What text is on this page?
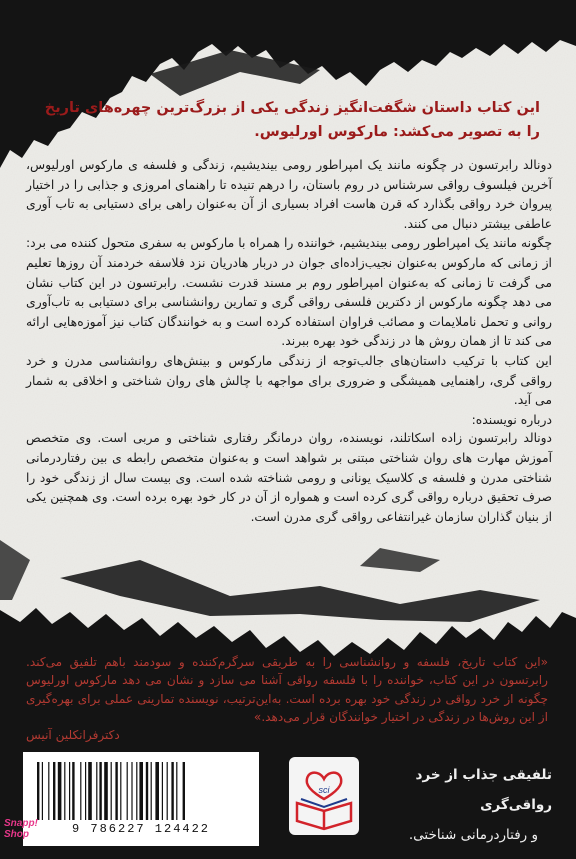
این کتاب داستان شگفت‌انگیز زندگی یکی از بزرگ‌ترین چهره‌های تاریخ را به تصویر می‌کشد: مارکوس اورلیوس.

دونالد رابرتسون در چگونه مانند یک امپراطور رومی بیندیشیم، زندگی و فلسفه ی مارکوس اورلیوس، آخرین فیلسوف رواقی سرشناس در روم باستان، را درهم تنیده تا راهنمای امروزی و جذابی را در اختیار پیروان خرد رواقی بگذارد که قرن هاست افراد بسیاری از آن به‌عنوان راهی برای دستیابی به تاب آوری عاطفی بیشتر دنبال می کنند.

چگونه مانند یک امپراطور رومی بیندیشیم، خواننده را همراه با مارکوس به سفری متحول کننده می برد: از زمانی که مارکوس به‌عنوان نجیب‌زاده‌ای جوان در دربار هادریان نزد فلاسفه خردمند آن روزها تعلیم می گرفت تا زمانی که به‌عنوان امپراطور روم بر مسند قدرت نشست. رابرتسون در این کتاب نشان می دهد چگونه مارکوس از دکترین فلسفی رواقی گری و تمارین روانشناسی برای دستیابی به تاب‌آوری روانی و تحمل ناملایمات و مصائب فراوان استفاده کرده است و به خوانندگان کتاب نیز آموزه‌هایی ارائه می کند تا از همان روش ها در زندگی خود بهره ببرند.

این کتاب با ترکیب داستان‌های جالب‌توجه از زندگی مارکوس و بینش‌های روانشناسی مدرن و خرد رواقی گری، راهنمایی همیشگی و ضروری برای مواجهه با چالش های روان شناختی و اخلاقی به شمار می آید.

درباره نویسنده:

دونالد رابرتسون زاده اسکاتلند، نویسنده، روان درمانگر رفتاری شناختی و مربی است. وی متخصص آموزش مهارت های روان شناختی مبتنی بر شواهد است و به‌عنوان متخصص رابطه ی بین رفتاردرمانی شناختی مدرن و فلسفه ی کلاسیک یونانی و رومی شناخته شده است. وی بیست سال از زندگی خود را صرف تحقیق درباره رواقی گری کرده است و همواره از آن در کار خود بهره برده است. وی همچنین یکی از بنیان گذاران سازمان غیرانتفاعی رواقی گری مدرن است.

«این کتاب تاریخ، فلسفه و روانشناسی را به طریقی سرگرم‌کننده و سودمند باهم تلفیق می‌کند. رابرتسون در این کتاب، خواننده را با فلسفه رواقی آشنا می سازد و نشان می دهد مارکوس اورلیوس چگونه از خرد رواقی در زندگی خود بهره برده است. به‌این‌ترتیب، نویسنده تمارینی عملی برای بهره‌گیری از این روش‌ها در زندگی در اختیار خوانندگان قرار می‌دهد.»

دکترفرانکلین آنیس
تلفیقی جذاب از خرد رواقی‌گری
و رفتاردرمانی شناختی.
sci
9 786227 124422
Snapp!
Shop
